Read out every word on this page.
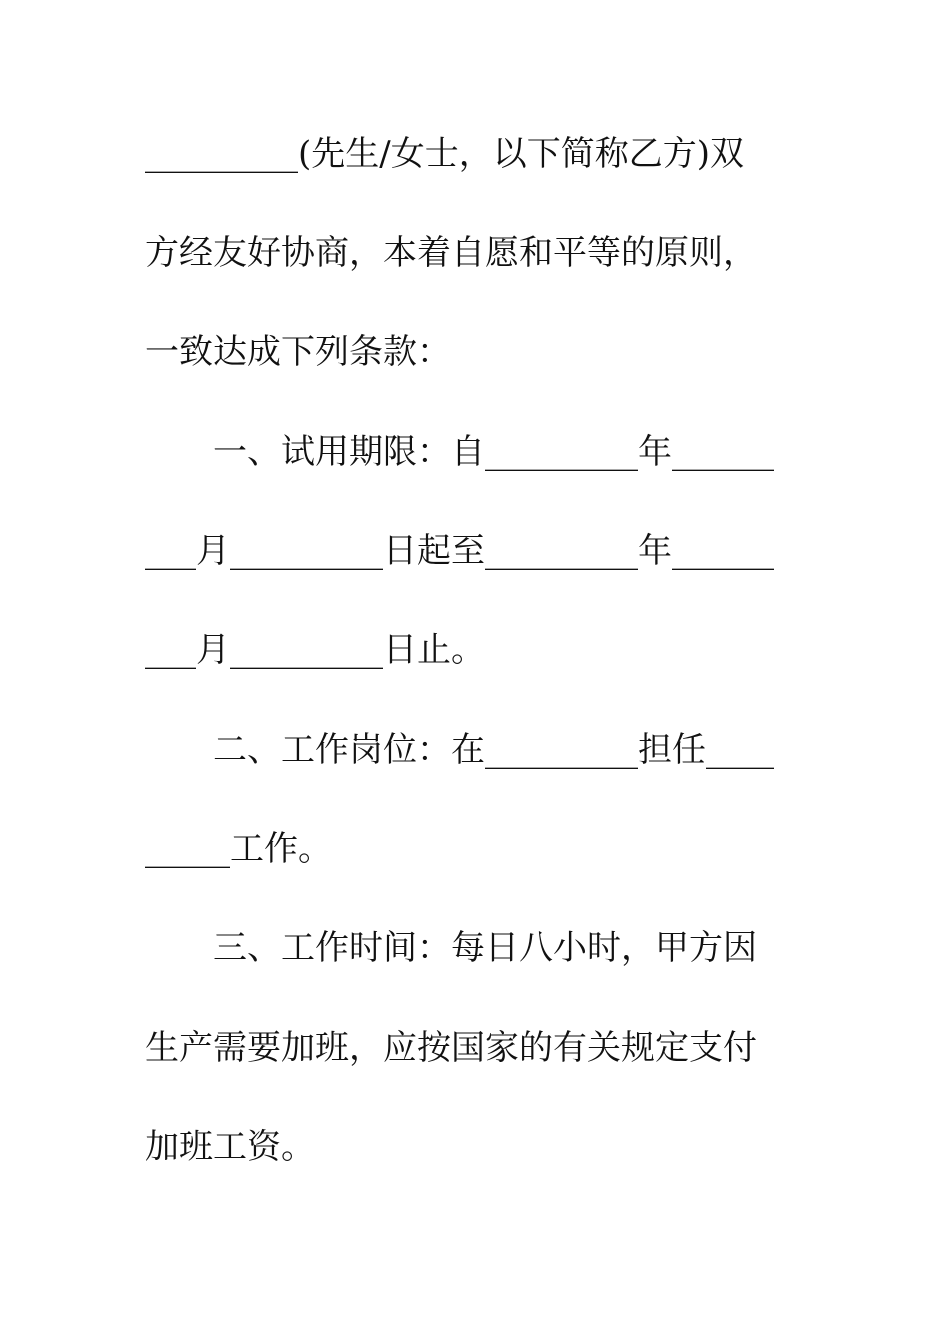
_________(先生/女士，以下简称乙方)双
方经友好协商，本着自愿和平等的原则，
一致达成下列条款：
一、试用期限：自_________年______
___月_________日起至_________年______
___月_________日止。
二、工作岗位：在_________担任____
_____工作。
三、工作时间：每日八小时，甲方因
生产需要加班，应按国家的有关规定支付
加班工资。
